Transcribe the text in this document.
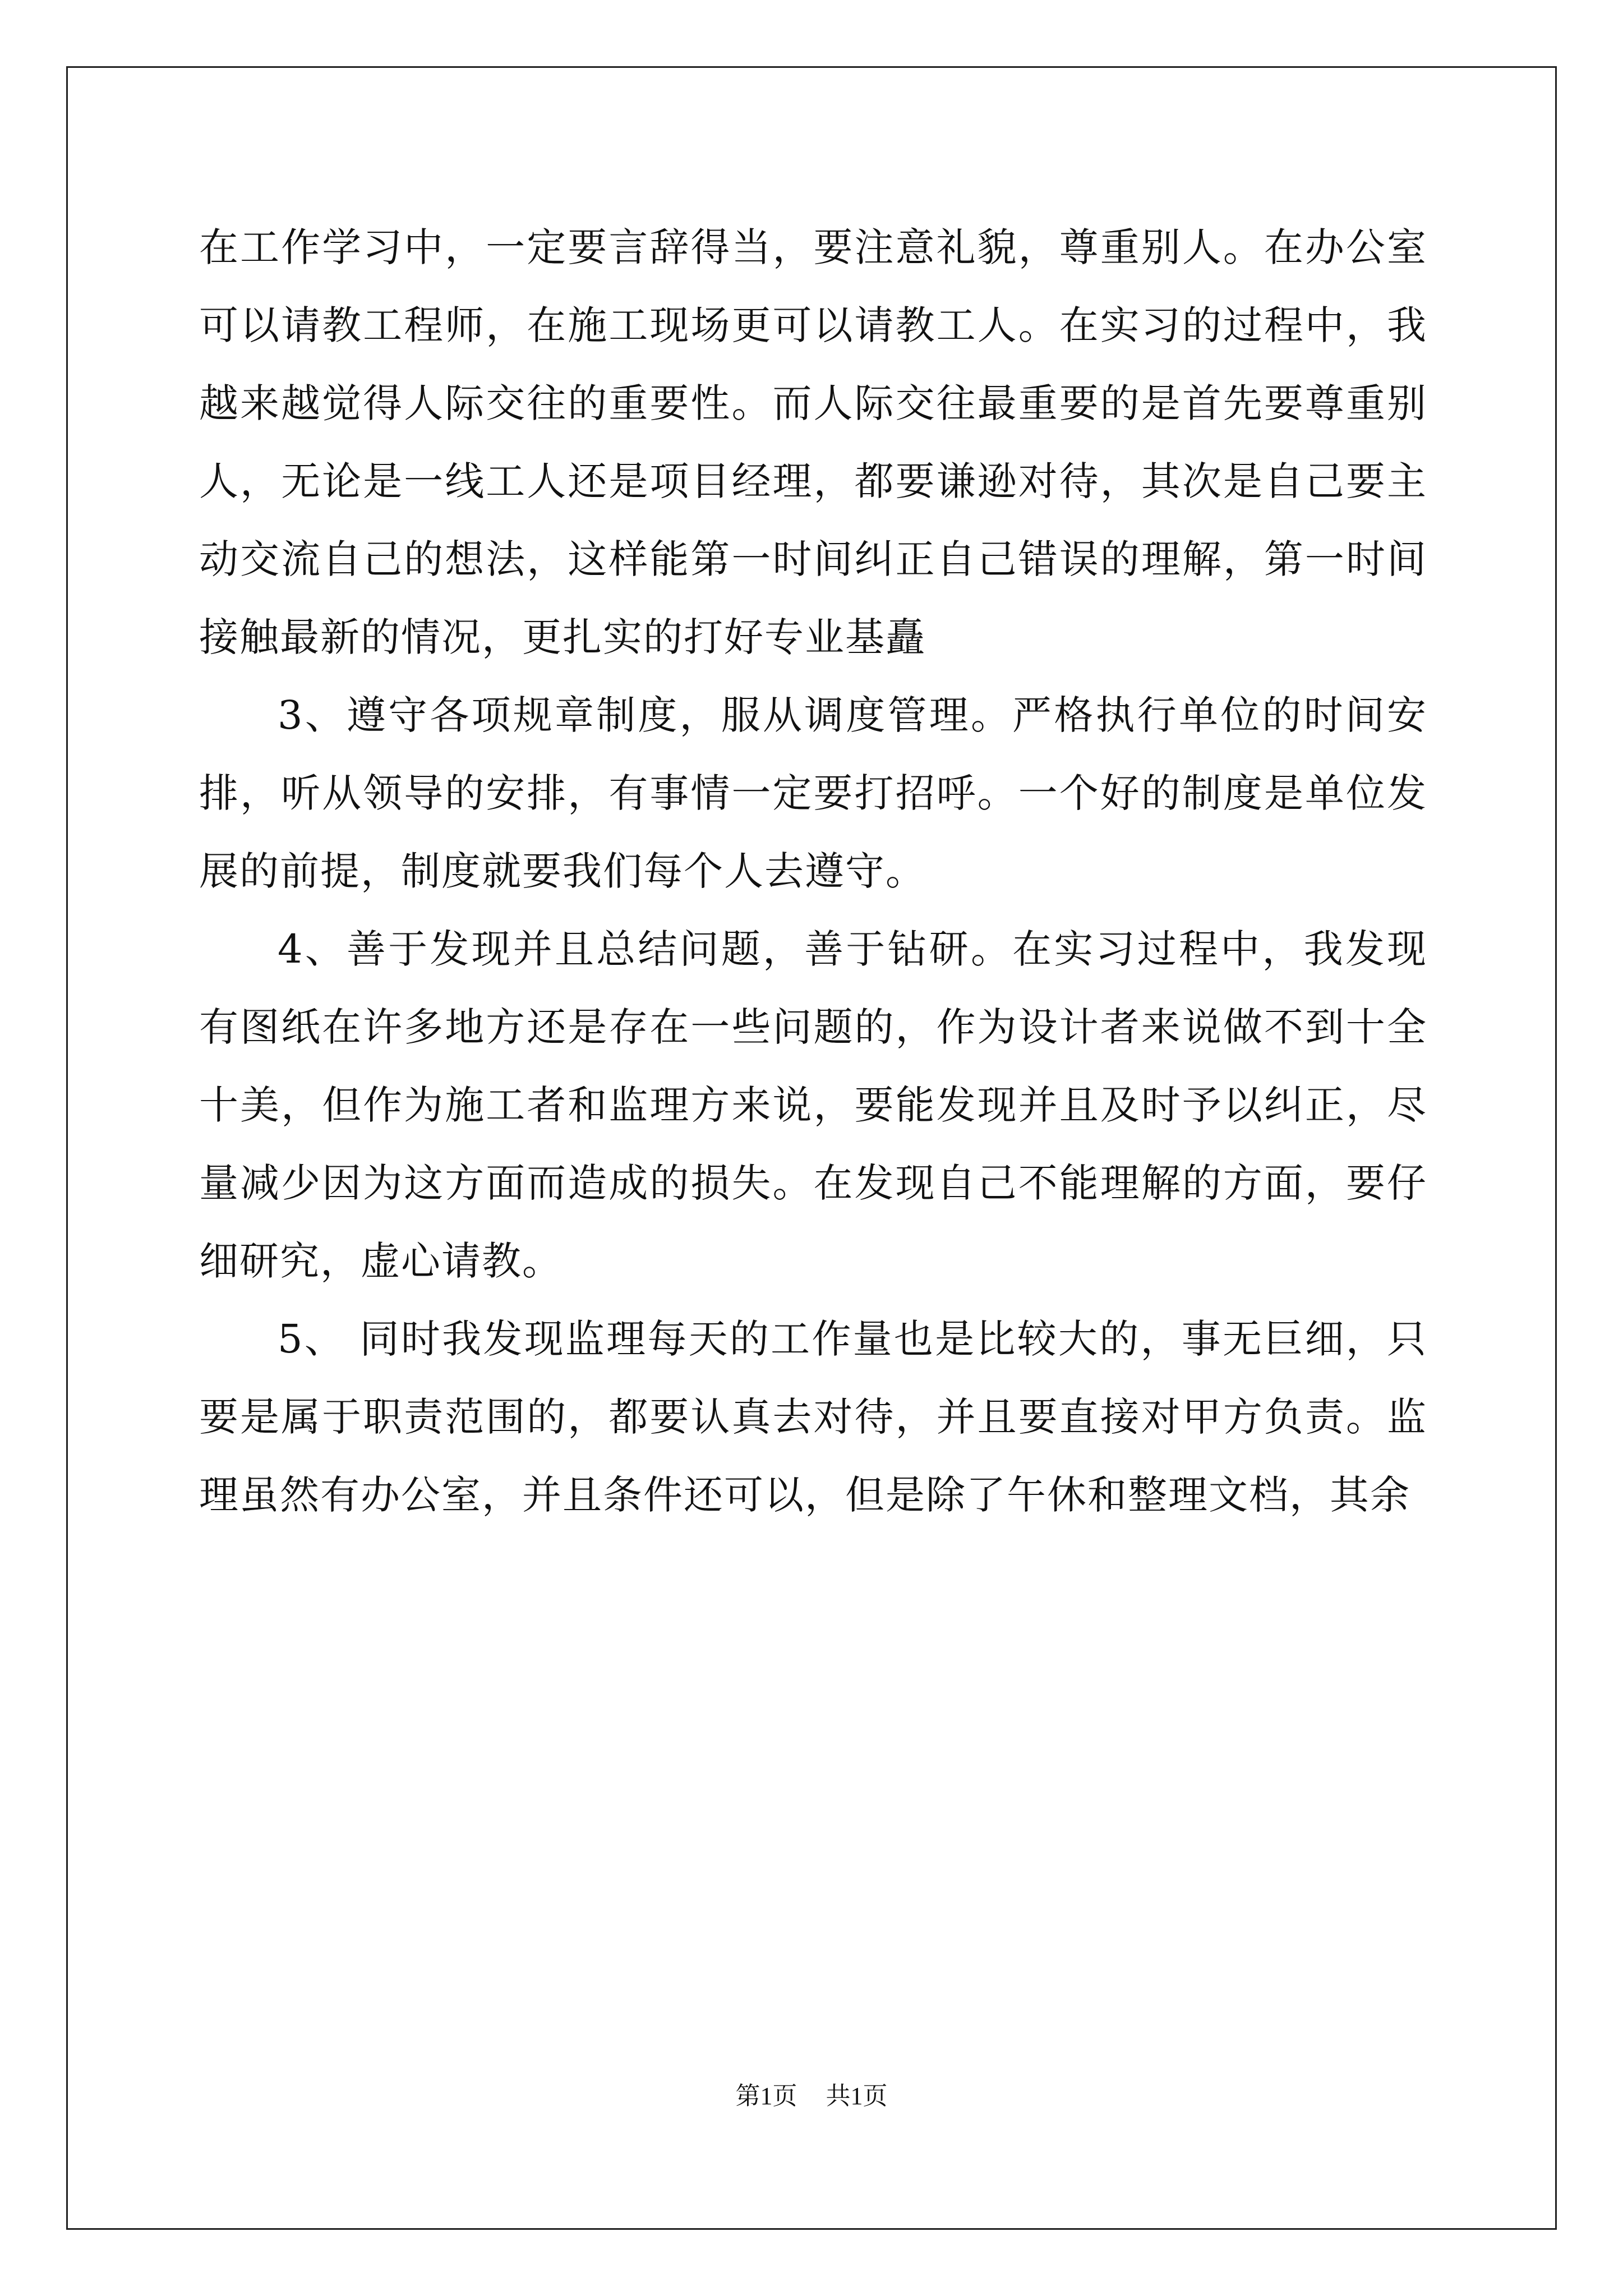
在工作学习中，一定要言辞得当，要注意礼貌，尊重别人。在办公室可以请教工程师，在施工现场更可以请教工人。在实习的过程中，我越来越觉得人际交往的重要性。而人际交往最重要的是首先要尊重别人，无论是一线工人还是项目经理，都要谦逊对待，其次是自己要主动交流自己的想法，这样能第一时间纠正自己错误的理解，第一时间接触最新的情况，更扎实的打好专业基矗

3、遵守各项规章制度，服从调度管理。严格执行单位的时间安排，听从领导的安排，有事情一定要打招呼。一个好的制度是单位发展的前提，制度就要我们每个人去遵守。

4、善于发现并且总结问题，善于钻研。在实习过程中，我发现有图纸在许多地方还是存在一些问题的，作为设计者来说做不到十全十美，但作为施工者和监理方来说，要能发现并且及时予以纠正，尽量减少因为这方面而造成的损失。在发现自己不能理解的方面，要仔细研究，虚心请教。

5、 同时我发现监理每天的工作量也是比较大的，事无巨细，只要是属于职责范围的，都要认真去对待，并且要直接对甲方负责。监理虽然有办公室，并且条件还可以，但是除了午休和整理文档，其余

第1页 共1页
